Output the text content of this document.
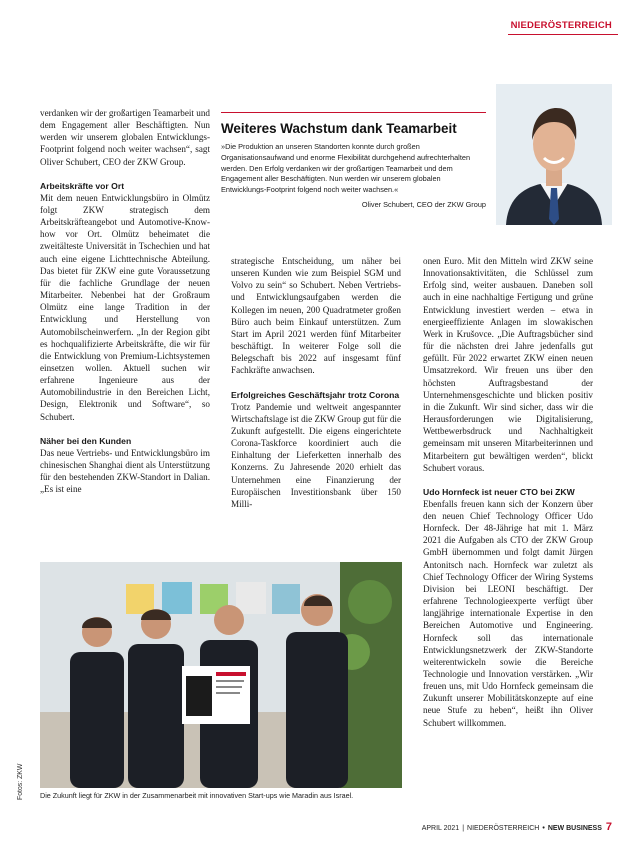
NIEDERÖSTERREICH

verdanken wir der großartigen Teamarbeit und dem Engagement aller Beschäftigten. Nun werden wir unserem globalen Entwicklungs-Footprint folgend noch weiter wachsen“, sagt Oliver Schubert, CEO der ZKW Group.

Arbeitskräfte vor Ort

Mit dem neuen Entwicklungsbüro in Olmütz folgt ZKW strategisch dem Arbeitskräfteangebot und Automotive-Know-how vor Ort. Olmütz beheimatet die zweitälteste Universität in Tschechien und hat auch eine eigene Lichttechnische Abteilung. Das bietet für ZKW eine gute Voraussetzung für die fachliche Grundlage der neuen Mitarbeiter. Nebenbei hat der Großraum Olmütz eine lange Tradition in der Entwicklung und Herstellung von Automobilscheinwerfern. „In der Region gibt es hochqualifizierte Arbeitskräfte, die wir für die Entwicklung von Premium-Lichtsystemen einsetzen wollen. Aktuell suchen wir erfahrene Ingenieure aus der Automobilindustrie in den Bereichen Licht, Design, Elektronik und Software“, so Schubert.

Näher bei den Kunden

Das neue Vertriebs- und Entwicklungsbüro im chinesischen Shanghai dient als Unterstützung für den bestehenden ZKW-Standort in Dalian. „Es ist eine

Weiteres Wachstum dank Teamarbeit
»Die Produktion an unseren Standorten konnte durch großen Organisationsaufwand und enorme Flexibilität durchgehend aufrechterhalten werden. Den Erfolg verdanken wir der großartigen Teamarbeit und dem Engagement aller Beschäftigten. Nun werden wir unserem globalen Entwicklungs-Footprint folgend noch weiter wachsen.«
Oliver Schubert, CEO der ZKW Group

strategische Entscheidung, um näher bei unseren Kunden wie zum Beispiel SGM und Volvo zu sein“ so Schubert. Neben Vertriebs- und Entwicklungsaufgaben werden die Kollegen im neuen, 200 Quadratmeter großen Büro auch beim Einkauf unterstützen. Zum Start im April 2021 werden fünf Mitarbeiter beschäftigt. In weiterer Folge soll die Belegschaft bis 2022 auf insgesamt fünf Fachkräfte anwachsen.

Erfolgreiches Geschäftsjahr trotz Corona

Trotz Pandemie und weltweit angespannter Wirtschaftslage ist die ZKW Group gut für die Zukunft aufgestellt. Die eigens eingerichtete Corona-Taskforce koordiniert auch die Einhaltung der Lieferketten innerhalb des Konzerns. Zu Jahresende 2020 erhielt das Unternehmen eine Finanzierung der Europäischen Investitionsbank über 150 Milli-

onen Euro. Mit den Mitteln wird ZKW seine Innovationsaktivitäten, die Schlüssel zum Erfolg sind, weiter ausbauen. Daneben soll auch in eine nachhaltige Fertigung und grüne Entwicklung investiert werden – etwa in energieeffiziente Anlagen im slowakischen Werk in Krušovce. „Die Auftragsbücher sind für die nächsten drei Jahre jedenfalls gut gefüllt. Für 2022 erwartet ZKW einen neuen Umsatzrekord. Wir freuen uns über den höchsten Auftragsbestand der Unternehmensgeschichte und blicken positiv in die Zukunft. Wir sind sicher, dass wir die Herausforderungen wie Digitalisierung, Wettbewerbsdruck und Nachhaltigkeit gemeinsam mit unseren Mitarbeiterinnen und Mitarbeitern gut bewältigen werden“, blickt Schubert voraus.

Udo Hornfeck ist neuer CTO bei ZKW

Ebenfalls freuen kann sich der Konzern über den neuen Chief Technology Officer Udo Hornfeck. Der 48-Jährige hat mit 1. März 2021 die Aufgaben als CTO der ZKW Group GmbH übernommen und folgt damit Jürgen Antonitsch nach. Hornfeck war zuletzt als Chief Technology Officer der Wiring Systems Division bei LEONI beschäftigt. Der erfahrene Technologieexperte verfügt über langjährige internationale Expertise in den Bereichen Automotive und Engineering. Hornfeck soll das internationale Entwicklungsnetzwerk der ZKW-Standorte weiterentwickeln sowie die Bereiche Technologie und Innovation verstärken. „Wir freuen uns, mit Udo Hornfeck gemeinsam die Zukunft unserer Mobilitätskonzepte auf eine neue Stufe zu heben“, heißt ihn Oliver Schubert willkommen.

Die Zukunft liegt für ZKW in der Zusammenarbeit mit innovativen Start-ups wie Maradin aus Israel.
Fotos: ZKW
APRIL 2021 | NIEDERÖSTERREICH • NEW BUSINESS 7
